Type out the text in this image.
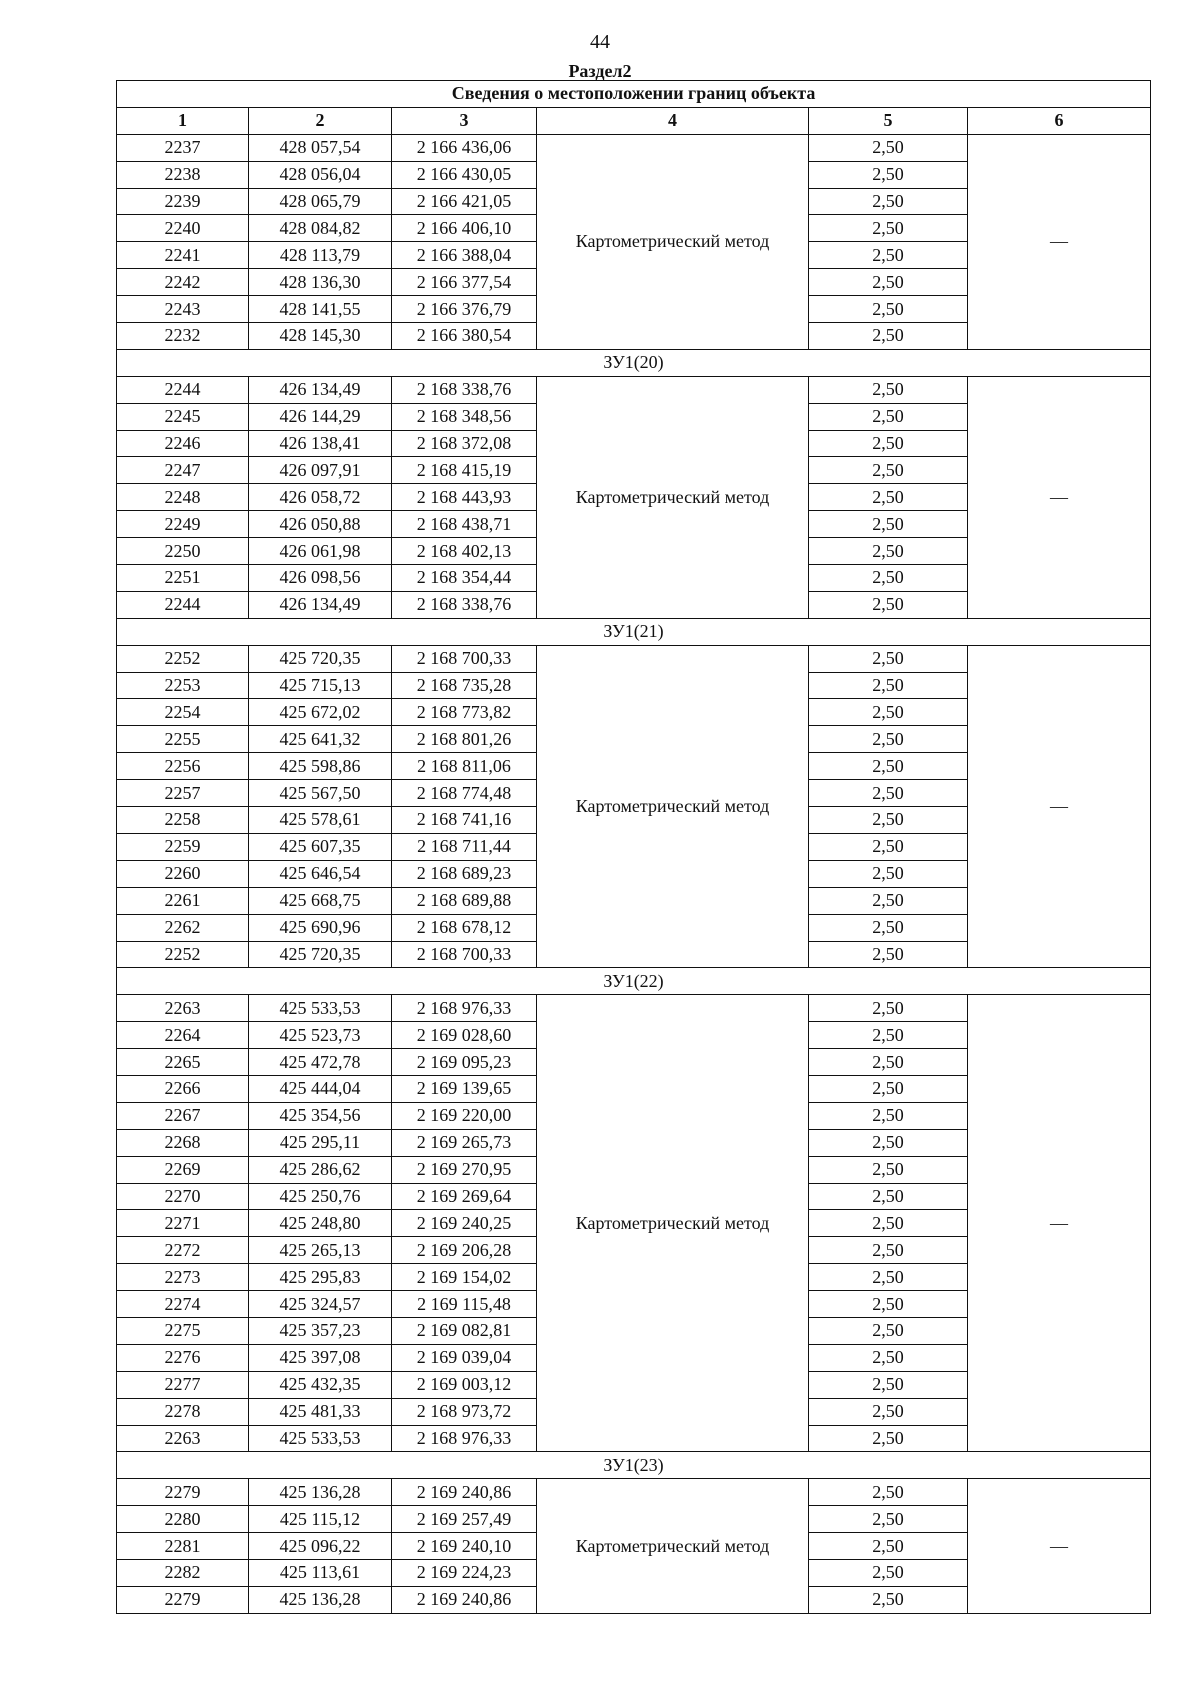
44
Раздел2
Сведения о местоположении границ объекта					
1	2	3	4	5	6
2237	428 057,54	2 166 436,06	Картометрический метод	2,50	—
2238	428 056,04	2 166 430,05		2,50	
2239	428 065,79	2 166 421,05		2,50	
2240	428 084,82	2 166 406,10		2,50	
2241	428 113,79	2 166 388,04		2,50	
2242	428 136,30	2 166 377,54		2,50	
2243	428 141,55	2 166 376,79		2,50	
2232	428 145,30	2 166 380,54		2,50	
ЗУ1(20)					
2244	426 134,49	2 168 338,76	Картометрический метод	2,50	—
2245	426 144,29	2 168 348,56		2,50	
2246	426 138,41	2 168 372,08		2,50	
2247	426 097,91	2 168 415,19		2,50	
2248	426 058,72	2 168 443,93		2,50	
2249	426 050,88	2 168 438,71		2,50	
2250	426 061,98	2 168 402,13		2,50	
2251	426 098,56	2 168 354,44		2,50	
2244	426 134,49	2 168 338,76		2,50	
ЗУ1(21)					
2252	425 720,35	2 168 700,33	Картометрический метод	2,50	—
2253	425 715,13	2 168 735,28		2,50	
2254	425 672,02	2 168 773,82		2,50	
2255	425 641,32	2 168 801,26		2,50	
2256	425 598,86	2 168 811,06		2,50	
2257	425 567,50	2 168 774,48		2,50	
2258	425 578,61	2 168 741,16		2,50	
2259	425 607,35	2 168 711,44		2,50	
2260	425 646,54	2 168 689,23		2,50	
2261	425 668,75	2 168 689,88		2,50	
2262	425 690,96	2 168 678,12		2,50	
2252	425 720,35	2 168 700,33		2,50	
ЗУ1(22)					
2263	425 533,53	2 168 976,33	Картометрический метод	2,50	—
2264	425 523,73	2 169 028,60		2,50	
2265	425 472,78	2 169 095,23		2,50	
2266	425 444,04	2 169 139,65		2,50	
2267	425 354,56	2 169 220,00		2,50	
2268	425 295,11	2 169 265,73		2,50	
2269	425 286,62	2 169 270,95		2,50	
2270	425 250,76	2 169 269,64		2,50	
2271	425 248,80	2 169 240,25		2,50	
2272	425 265,13	2 169 206,28		2,50	
2273	425 295,83	2 169 154,02		2,50	
2274	425 324,57	2 169 115,48		2,50	
2275	425 357,23	2 169 082,81		2,50	
2276	425 397,08	2 169 039,04		2,50	
2277	425 432,35	2 169 003,12		2,50	
2278	425 481,33	2 168 973,72		2,50	
2263	425 533,53	2 168 976,33		2,50	
ЗУ1(23)					
2279	425 136,28	2 169 240,86	Картометрический метод	2,50	—
2280	425 115,12	2 169 257,49		2,50	
2281	425 096,22	2 169 240,10		2,50	
2282	425 113,61	2 169 224,23		2,50	
2279	425 136,28	2 169 240,86		2,50	
